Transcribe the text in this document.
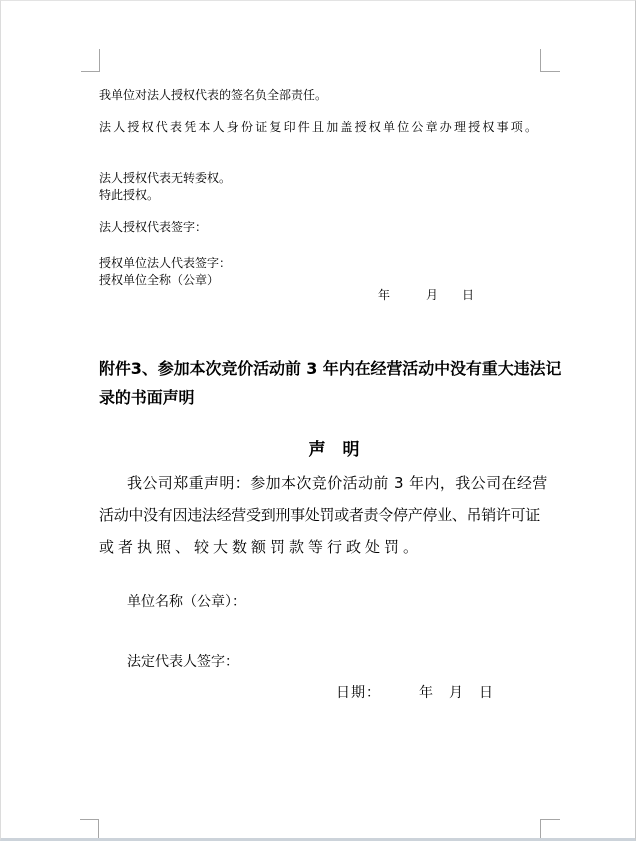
我单位对法人授权代表的签名负全部责任。
法人授权代表凭本人身份证复印件且加盖授权单位公章办理授权事项。
法人授权代表无转委权。
特此授权。
法人授权代表签字：
授权单位法人代表签字：
授权单位全称（公章）
年　　　月　　日
附件3、参加本次竞价活动前 3 年内在经营活动中没有重大违法记
录的书面声明
声　明
我公司郑重声明：参加本次竞价活动前 3 年内，我公司在经营
活动中没有因违法经营受到刑事处罚或者责令停产停业、吊销许可证
或者执照、较大数额罚款等行政处罚。
单位名称（公章）：
法定代表人签字：
日期：　　　年　月　日
